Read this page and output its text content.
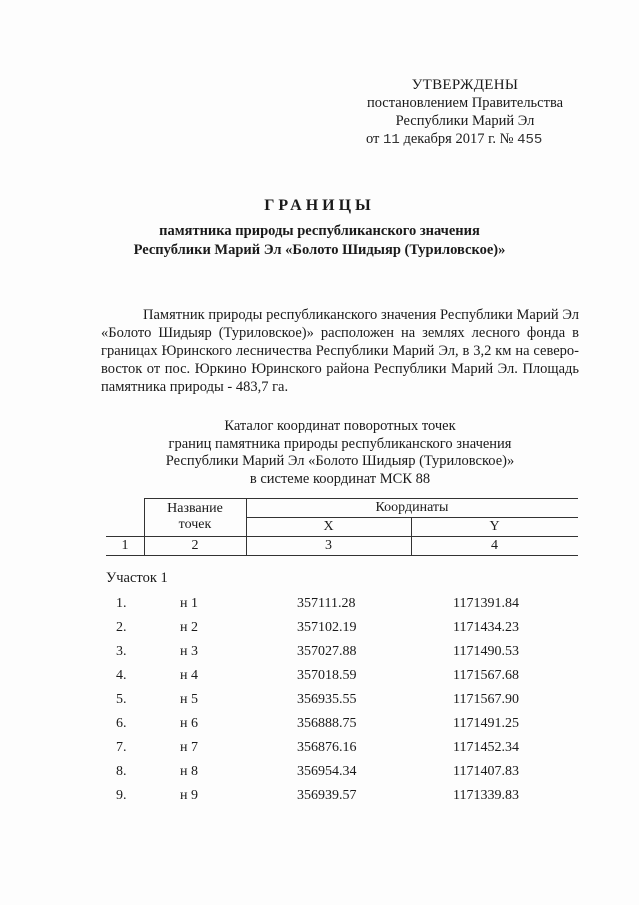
УТВЕРЖДЕНЫ
постановлением Правительства
Республики Марий Эл
от 11 декабря 2017 г. № 455
ГРАНИЦЫ
памятника природы республиканского значения
Республики Марий Эл «Болото Шидыяр (Туриловское)»

Памятник природы республиканского значения Республики Марий Эл «Болото Шидыяр (Туриловское)» расположен на землях лесного фонда в границах Юринского лесничества Республики Марий Эл, в 3,2 км на северо-восток от пос. Юркино Юринского района Республики Марий Эл. Площадь памятника природы - 483,7 га.

Каталог координат поворотных точек
границ памятника природы республиканского значения
Республики Марий Эл «Болото Шидыяр (Туриловское)»
в системе координат МСК 88
Название
точек
Координаты
X	Y
1	2	3	4
Участок 1
1.	н 1	357111.28	1171391.84
2.	н 2	357102.19	1171434.23
3.	н 3	357027.88	1171490.53
4.	н 4	357018.59	1171567.68
5.	н 5	356935.55	1171567.90
6.	н 6	356888.75	1171491.25
7.	н 7	356876.16	1171452.34
8.	н 8	356954.34	1171407.83
9.	н 9	356939.57	1171339.83
